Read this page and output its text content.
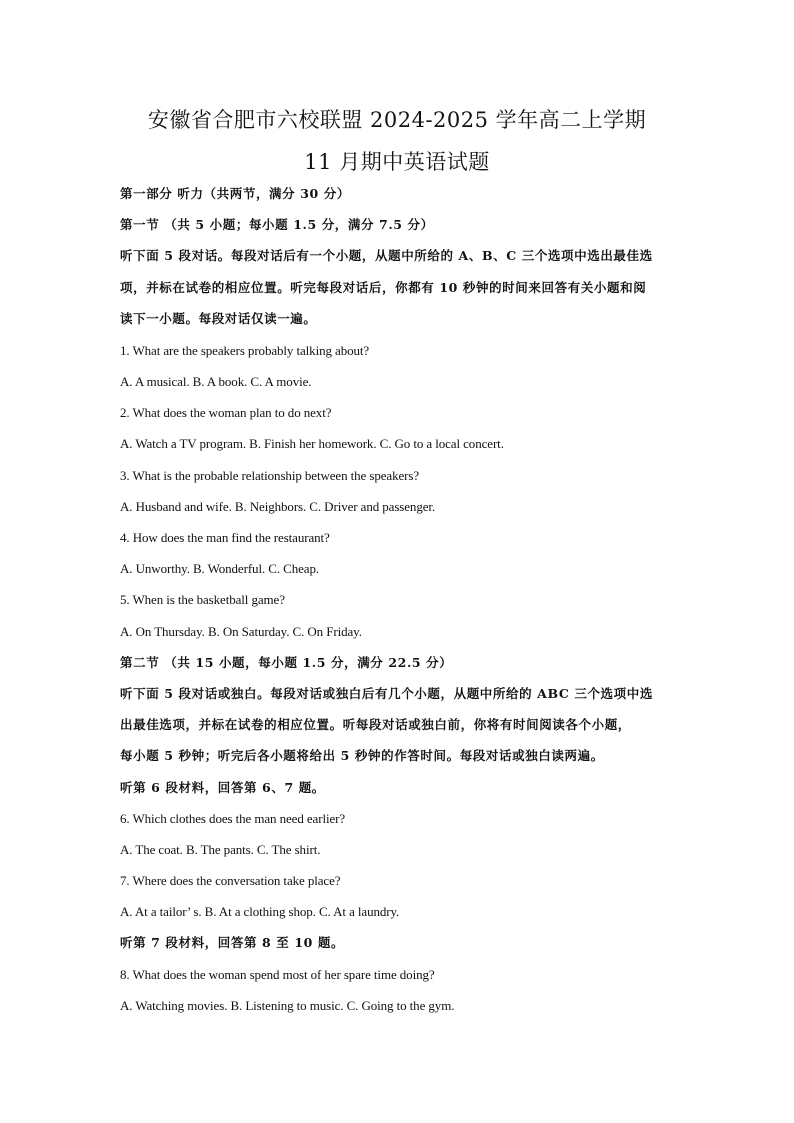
安徽省合肥市六校联盟 2024-2025 学年高二上学期
11 月期中英语试题
第一部分 听力（共两节，满分 30 分）
第一节 （共 5 小题；每小题 1.5 分，满分 7.5 分）
听下面 5 段对话。每段对话后有一个小题，从题中所给的 A、B、C 三个选项中选出最佳选
项，并标在试卷的相应位置。听完每段对话后，你都有 10 秒钟的时间来回答有关小题和阅
读下一小题。每段对话仅读一遍。
1. What are the speakers probably talking about?
A. A musical. B. A book. C. A movie.
2. What does the woman plan to do next?
A. Watch a TV program. B. Finish her homework. C. Go to a local concert.
3. What is the probable relationship between the speakers?
A. Husband and wife. B. Neighbors. C. Driver and passenger.
4. How does the man find the restaurant?
A. Unworthy. B. Wonderful. C. Cheap.
5. When is the basketball game?
A. On Thursday. B. On Saturday. C. On Friday.
第二节 （共 15 小题，每小题 1.5 分，满分 22.5 分）
听下面 5 段对话或独白。每段对话或独白后有几个小题，从题中所给的 ABC 三个选项中选
出最佳选项，并标在试卷的相应位置。听每段对话或独白前，你将有时间阅读各个小题，
每小题 5 秒钟；听完后各小题将给出 5 秒钟的作答时间。每段对话或独白读两遍。
听第 6 段材料，回答第 6、7 题。
6. Which clothes does the man need earlier?
A. The coat. B. The pants. C. The shirt.
7. Where does the conversation take place?
A. At a tailor’ s. B. At a clothing shop. C. At a laundry.
听第 7 段材料，回答第 8 至 10 题。
8. What does the woman spend most of her spare time doing?
A. Watching movies. B. Listening to music. C. Going to the gym.
